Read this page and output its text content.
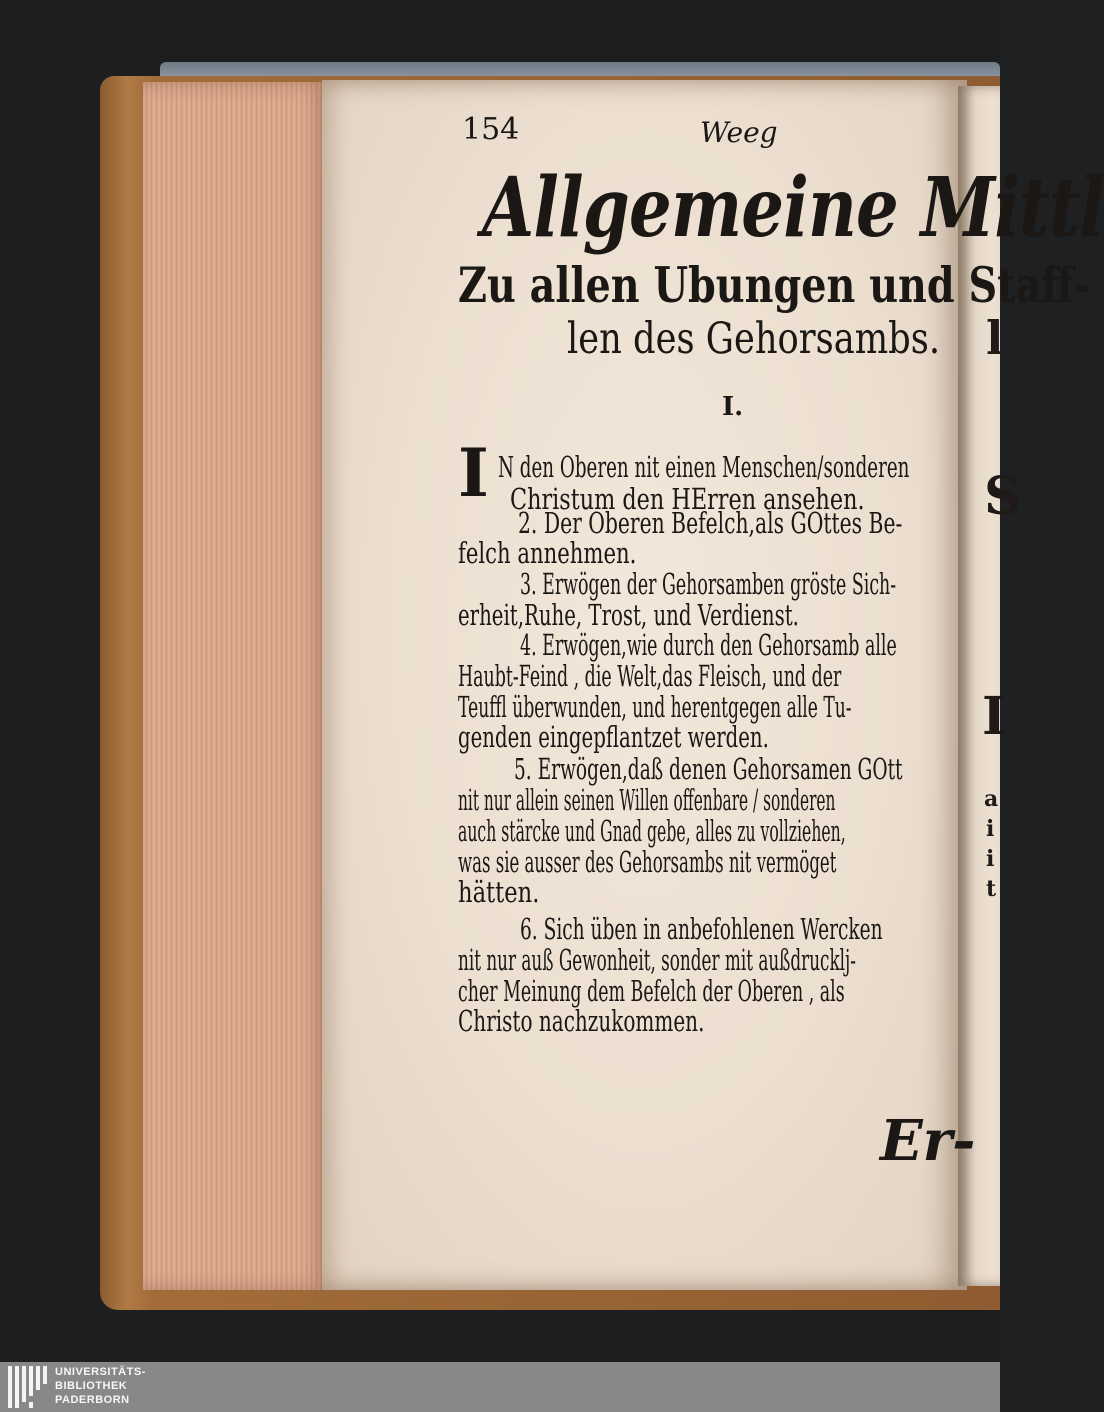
l
S
I
a
i
i
t
154	Weeg
Allgemeine Mittl
Zu allen Ubungen und Staff-
len des Gehorsambs.
I.
I N den Oberen nit einen Menschen/sonderen
Christum den HErren ansehen.
2. Der Oberen Befelch,als GOttes Be-
felch annehmen.
3. Erwögen der Gehorsamben gröste Sich-
erheit,Ruhe, Trost, und Verdienst.
4. Erwögen,wie durch den Gehorsamb alle
Haubt-Feind , die Welt,das Fleisch, und der
Teuffl überwunden, und herentgegen alle Tu-
genden eingepflantzet werden.
5. Erwögen,daß denen Gehorsamen GOtt
nit nur allein seinen Willen offenbare / sonderen
auch stärcke und Gnad gebe, alles zu vollziehen,
was sie ausser des Gehorsambs nit vermöget
hätten.
6. Sich üben in anbefohlenen Wercken
nit nur auß Gewonheit, sonder mit außdrucklj-
cher Meinung dem Befelch der Oberen , als
Christo nachzukommen.
Er-
UNIVERSITÄTS-
BIBLIOTHEK
PADERBORN
